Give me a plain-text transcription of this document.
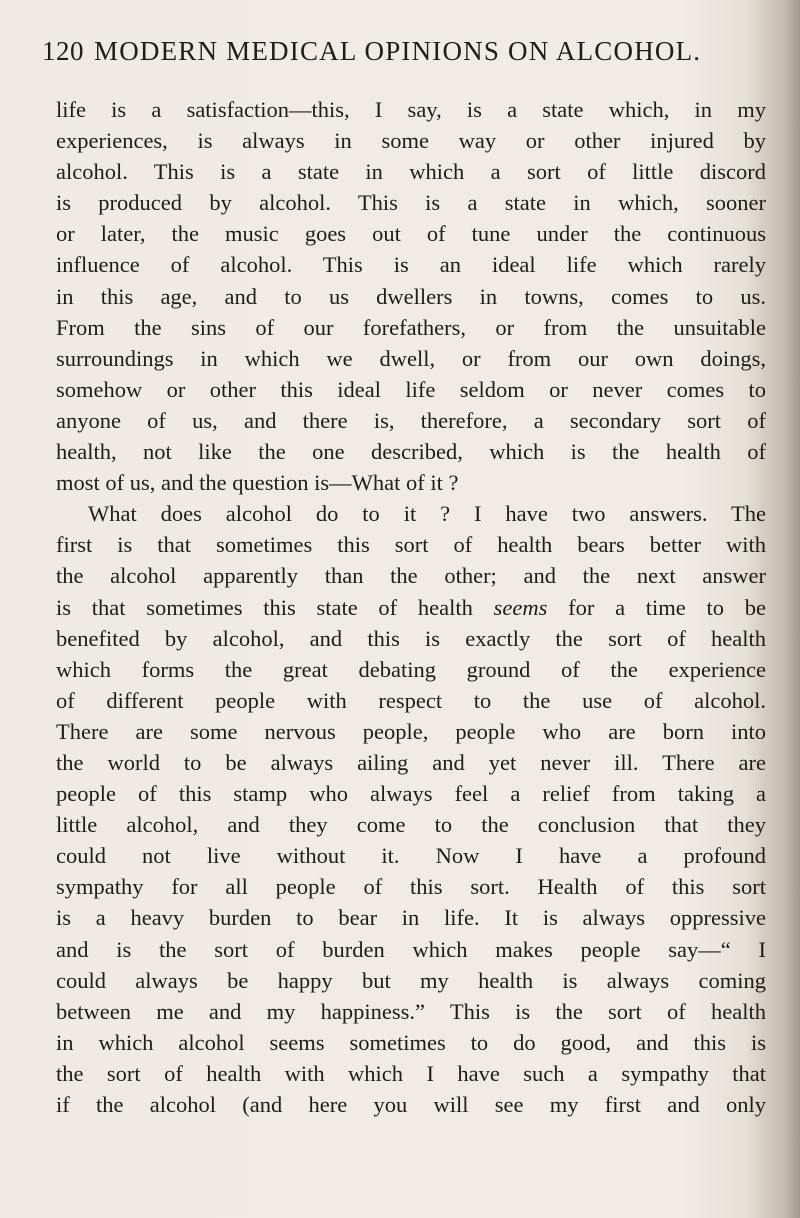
120 MODERN MEDICAL OPINIONS ON ALCOHOL.
life is a satisfaction—this, I say, is a state which, in my
experiences, is always in some way or other injured by
alcohol. This is a state in which a sort of little discord
is produced by alcohol. This is a state in which, sooner
or later, the music goes out of tune under the continuous
influence of alcohol. This is an ideal life which rarely
in this age, and to us dwellers in towns, comes to us.
From the sins of our forefathers, or from the unsuitable
surroundings in which we dwell, or from our own doings,
somehow or other this ideal life seldom or never comes to
anyone of us, and there is, therefore, a secondary sort of
health, not like the one described, which is the health of
most of us, and the question is—What of it ?
What does alcohol do to it ? I have two answers. The
first is that sometimes this sort of health bears better with
the alcohol apparently than the other; and the next answer
is that sometimes this state of health seems for a time to be
benefited by alcohol, and this is exactly the sort of health
which forms the great debating ground of the experience
of different people with respect to the use of alcohol.
There are some nervous people, people who are born into
the world to be always ailing and yet never ill. There are
people of this stamp who always feel a relief from taking a
little alcohol, and they come to the conclusion that they
could not live without it. Now I have a profound
sympathy for all people of this sort. Health of this sort
is a heavy burden to bear in life. It is always oppressive
and is the sort of burden which makes people say—“ I
could always be happy but my health is always coming
between me and my happiness.” This is the sort of health
in which alcohol seems sometimes to do good, and this is
the sort of health with which I have such a sympathy that
if the alcohol (and here you will see my first and only
